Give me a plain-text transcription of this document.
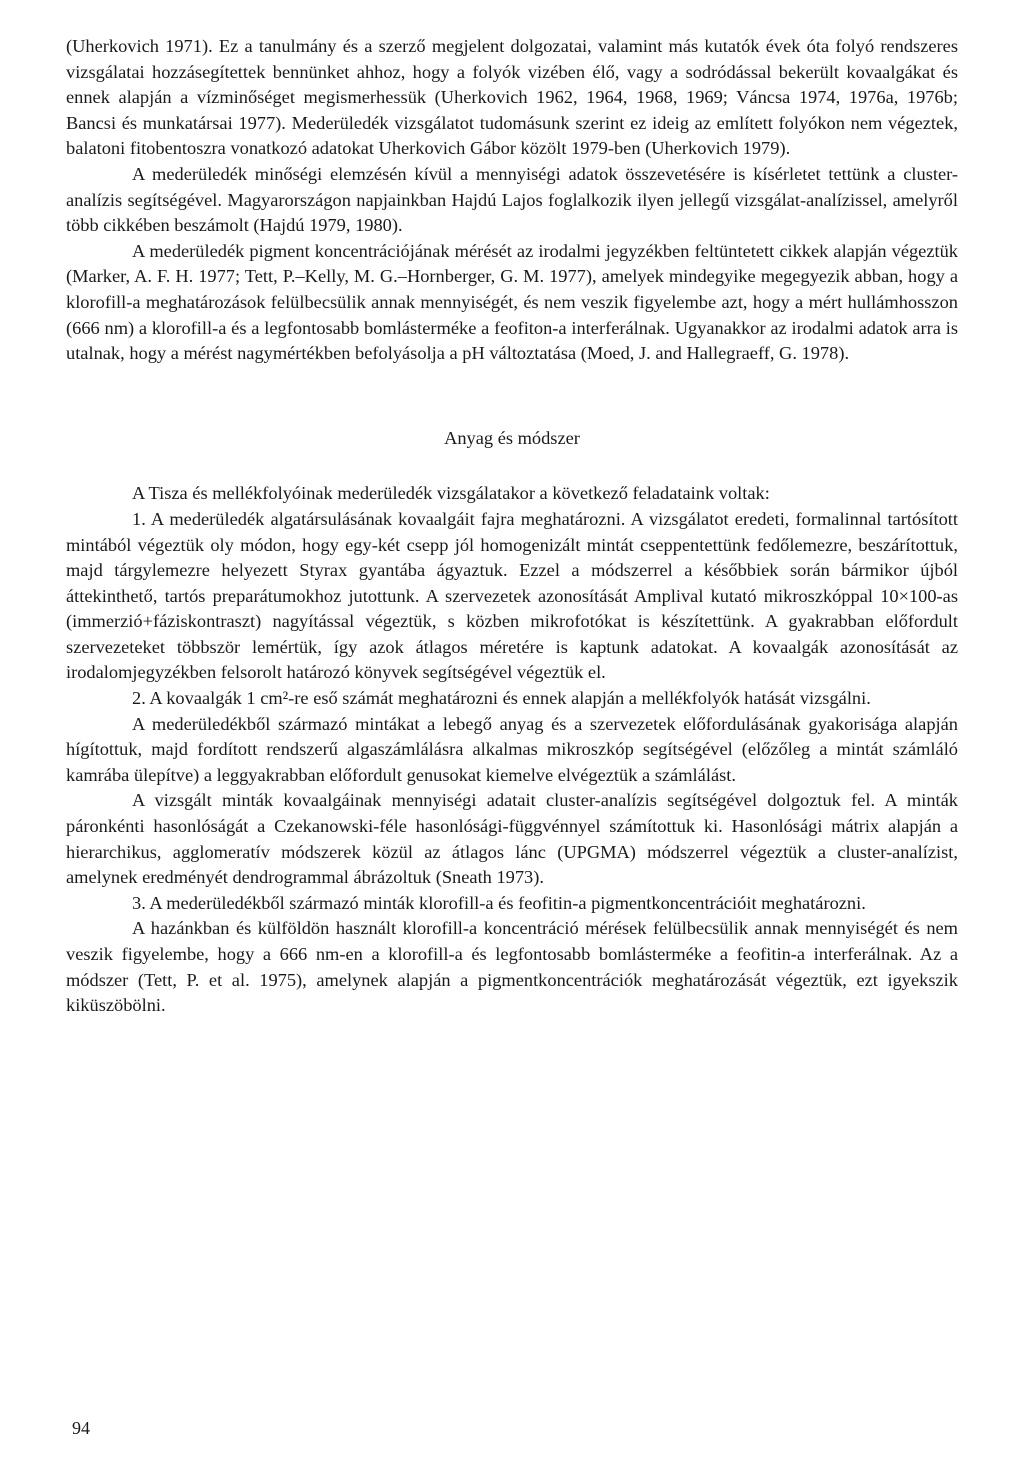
(Uherkovich 1971). Ez a tanulmány és a szerző megjelent dolgozatai, valamint más kutatók évek óta folyó rendszeres vizsgálatai hozzásegítettek bennünket ahhoz, hogy a folyók vizében élő, vagy a sodródással bekerült kovaalgákat és ennek alapján a vízminőséget megismerhessük (Uherkovich 1962, 1964, 1968, 1969; Váncsa 1974, 1976a, 1976b; Bancsi és munkatársai 1977). Mederüledék vizsgálatot tudomásunk szerint ez ideig az említett folyókon nem végeztek, balatoni fitobentoszra vonatkozó adatokat Uherkovich Gábor közölt 1979-ben (Uherkovich 1979).

A mederüledék minőségi elemzésén kívül a mennyiségi adatok összevetésére is kísérletet tettünk a cluster-analízis segítségével. Magyarországon napjainkban Hajdú Lajos foglalkozik ilyen jellegű vizsgálat-analízissel, amelyről több cikkében beszámolt (Hajdú 1979, 1980).

A mederüledék pigment koncentrációjának mérését az irodalmi jegyzékben feltüntetett cikkek alapján végeztük (Marker, A. F. H. 1977; Tett, P.–Kelly, M. G.–Hornberger, G. M. 1977), amelyek mindegyike megegyezik abban, hogy a klorofill-a meghatározások felülbecsülik annak mennyiségét, és nem veszik figyelembe azt, hogy a mért hullámhosszon (666 nm) a klorofill-a és a legfontosabb bomlásterméke a feofiton-a interferálnak. Ugyanakkor az irodalmi adatok arra is utalnak, hogy a mérést nagymértékben befolyásolja a pH változtatása (Moed, J. and Hallegraeff, G. 1978).

Anyag és módszer

A Tisza és mellékfolyóinak mederüledék vizsgálatakor a következő feladataink voltak:

1. A mederüledék algatársulásának kovaalgáit fajra meghatározni. A vizsgálatot eredeti, formalinnal tartósított mintából végeztük oly módon, hogy egy-két csepp jól homogenizált mintát cseppentettünk fedőlemezre, beszárítottuk, majd tárgylemezre helyezett Styrax gyantába ágyaztuk. Ezzel a módszerrel a későbbiek során bármikor újból áttekinthető, tartós preparátumokhoz jutottunk. A szervezetek azonosítását Amplival kutató mikroszkóppal 10×100-as (immerzió+fáziskontraszt) nagyítással végeztük, s közben mikrofotókat is készítettünk. A gyakrabban előfordult szervezeteket többször lemértük, így azok átlagos méretére is kaptunk adatokat. A kovaalgák azonosítását az irodalomjegyzékben felsorolt határozó könyvek segítségével végeztük el.

2. A kovaalgák 1 cm²-re eső számát meghatározni és ennek alapján a mellékfolyók hatását vizsgálni.

A mederüledékből származó mintákat a lebegő anyag és a szervezetek előfordulásának gyakorisága alapján hígítottuk, majd fordított rendszerű algaszámlálásra alkalmas mikroszkóp segítségével (előzőleg a mintát számláló kamrába ülepítve) a leggyakrabban előfordult genusokat kiemelve elvégeztük a számlálást.

A vizsgált minták kovaalgáinak mennyiségi adatait cluster-analízis segítségével dolgoztuk fel. A minták páronkénti hasonlóságát a Czekanowski-féle hasonlósági-függvénnyel számítottuk ki. Hasonlósági mátrix alapján a hierarchikus, agglomeratív módszerek közül az átlagos lánc (UPGMA) módszerrel végeztük a cluster-analízist, amelynek eredményét dendrogrammal ábrázoltuk (Sneath 1973).

3. A mederüledékből származó minták klorofill-a és feofitin-a pigmentkoncentrációit meghatározni.

A hazánkban és külföldön használt klorofill-a koncentráció mérések felülbecsülik annak mennyiségét és nem veszik figyelembe, hogy a 666 nm-en a klorofill-a és legfontosabb bomlásterméke a feofitin-a interferálnak. Az a módszer (Tett, P. et al. 1975), amelynek alapján a pigmentkoncentrációk meghatározását végeztük, ezt igyekszik kiküszöbölni.

94
